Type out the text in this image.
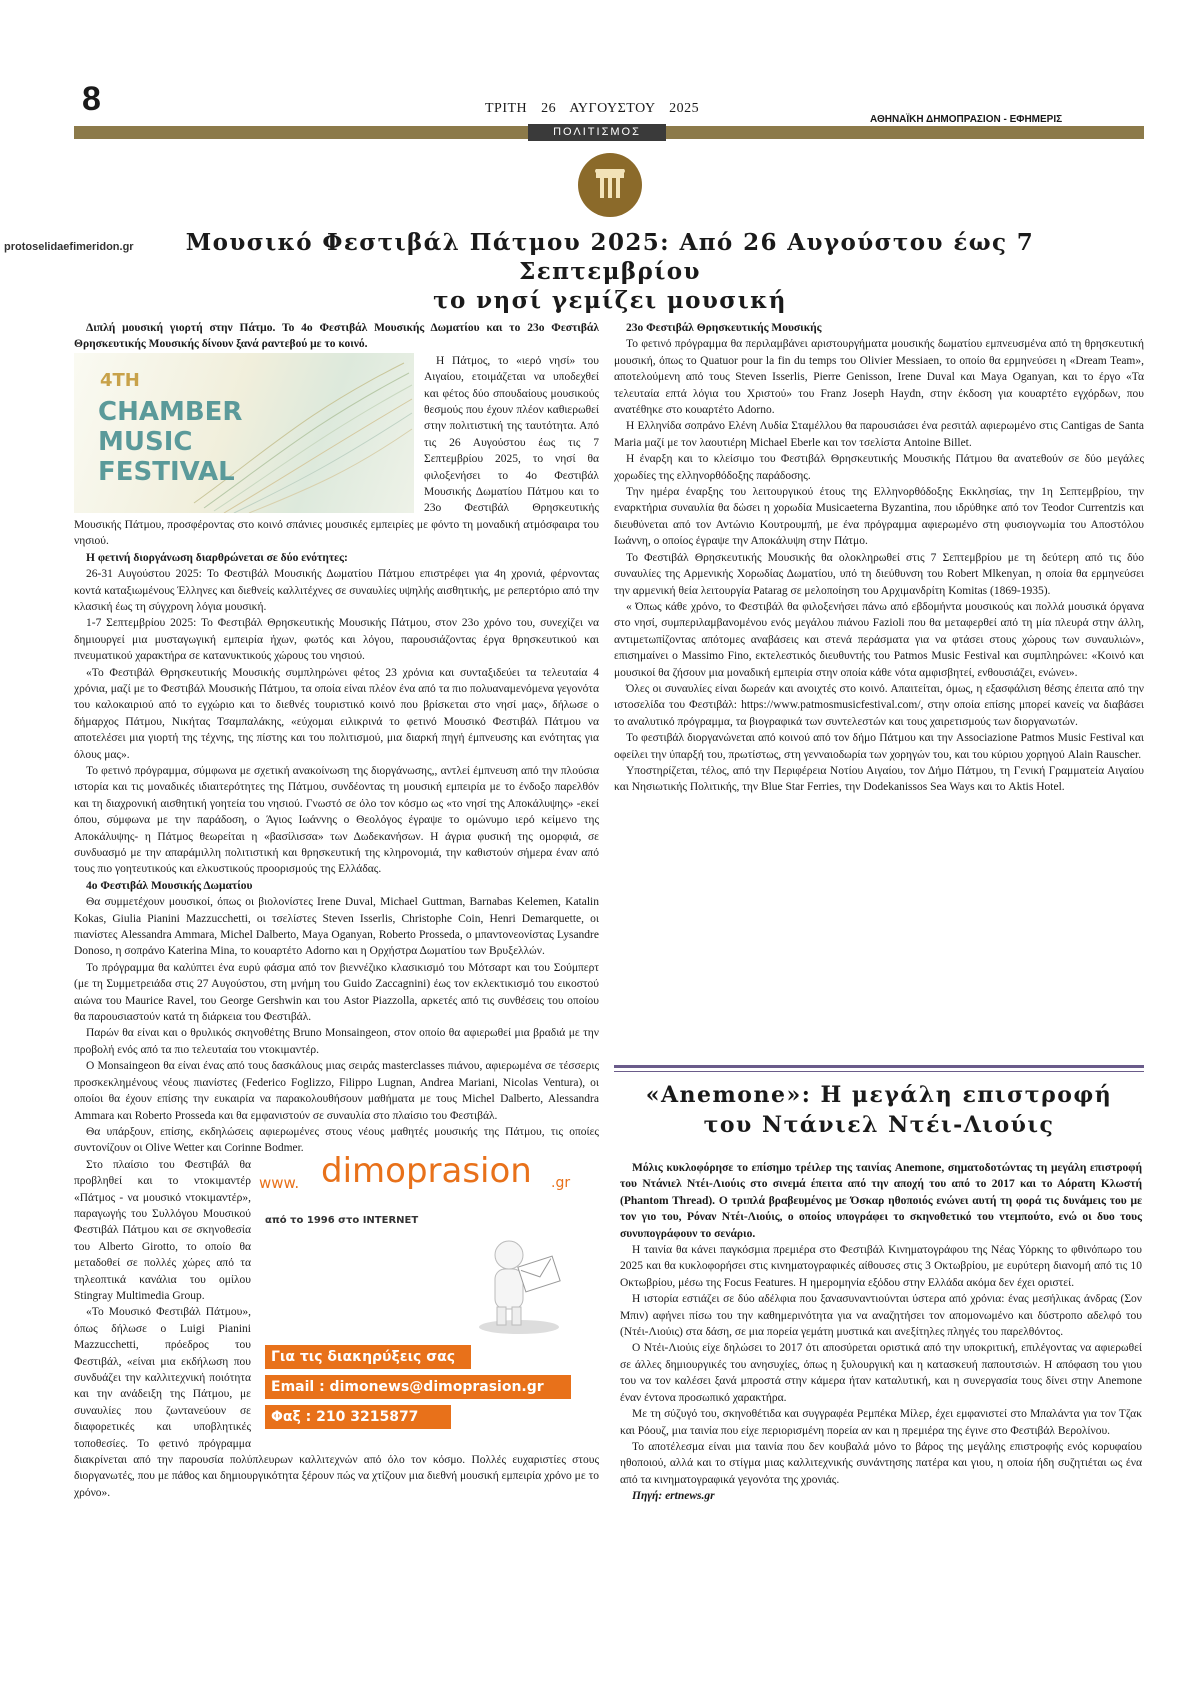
8	ΤΡΙΤΗ 26 ΑΥΓΟΥΣΤΟΥ 2025
ΑΘΗΝΑΪΚΗ ΔΗΜΟΠΡΑΣΙΟΝ - ΕΦΗΜΕΡΙΣ
ΠΟΛΙΤΙΣΜΟΣ
protoselidaefimeridon.gr	Μουσικό Φεστιβάλ Πάτμου 2025: Από 26 Αυγούστου έως 7 Σεπτεμβρίου
το νησί γεμίζει μουσική

Διπλή μουσική γιορτή στην Πάτμο. Το 4ο Φεστιβάλ Μουσικής Δωματίου και το 23ο Φεστιβάλ Θρησκευτικής Μουσικής δίνουν ξανά ραντεβού με το κοινό.

4TH
CHAMBER
MUSIC
FESTIVAL

Η Πάτμος, το «ιερό νησί» του Αιγαίου, ετοιμάζεται να υποδεχθεί και φέτος δύο σπουδαίους μουσικούς θεσμούς που έχουν πλέον καθιερωθεί στην πολιτιστική της ταυτότητα. Από τις 26 Αυγούστου έως τις 7 Σεπτεμβρίου 2025, το νησί θα φιλοξενήσει το 4ο Φεστιβάλ Μουσικής Δωματίου Πάτμου και το 23ο Φεστιβάλ Θρησκευτικής Μουσικής Πάτμου, προσφέροντας στο κοινό σπάνιες μουσικές εμπειρίες με φόντο τη μοναδική ατμόσφαιρα του νησιού.

Η φετινή διοργάνωση διαρθρώνεται σε δύο ενότητες:

26-31 Αυγούστου 2025: Το Φεστιβάλ Μουσικής Δωματίου Πάτμου επιστρέφει για 4η χρονιά, φέρνοντας κοντά καταξιωμένους Έλληνες και διεθνείς καλλιτέχνες σε συναυλίες υψηλής αισθητικής, με ρεπερτόριο από την κλασική έως τη σύγχρονη λόγια μουσική.

1-7 Σεπτεμβρίου 2025: Το Φεστιβάλ Θρησκευτικής Μουσικής Πάτμου, στον 23ο χρόνο του, συνεχίζει να δημιουργεί μια μυσταγωγική εμπειρία ήχων, φωτός και λόγου, παρουσιάζοντας έργα θρησκευτικού και πνευματικού χαρακτήρα σε κατανυκτικούς χώρους του νησιού.

«Το Φεστιβάλ Θρησκευτικής Μουσικής συμπληρώνει φέτος 23 χρόνια και συνταξιδεύει τα τελευταία 4 χρόνια, μαζί με το Φεστιβάλ Μουσικής Πάτμου, τα οποία είναι πλέον ένα από τα πιο πολυαναμενόμενα γεγονότα του καλοκαιριού από το εγχώριο και το διεθνές τουριστικό κοινό που βρίσκεται στο νησί μας», δήλωσε ο δήμαρχος Πάτμου, Νικήτας Τσαμπαλάκης, «εύχομαι ειλικρινά το φετινό Μουσικό Φεστιβάλ Πάτμου να αποτελέσει μια γιορτή της τέχνης, της πίστης και του πολιτισμού, μια διαρκή πηγή έμπνευσης και ενότητας για όλους μας».

Το φετινό πρόγραμμα, σύμφωνα με σχετική ανακοίνωση της διοργάνωσης,, αντλεί έμπνευση από την πλούσια ιστορία και τις μοναδικές ιδιαιτερότητες της Πάτμου, συνδέοντας τη μουσική εμπειρία με το ένδοξο παρελθόν και τη διαχρονική αισθητική γοητεία του νησιού. Γνωστό σε όλο τον κόσμο ως «το νησί της Αποκάλυψης» -εκεί όπου, σύμφωνα με την παράδοση, ο Άγιος Ιωάννης ο Θεολόγος έγραψε το ομώνυμο ιερό κείμενο της Αποκάλυψης- η Πάτμος θεωρείται η «βασίλισσα» των Δωδεκανήσων. Η άγρια φυσική της ομορφιά, σε συνδυασμό με την απαράμιλλη πολιτιστική και θρησκευτική της κληρονομιά, την καθιστούν σήμερα έναν από τους πιο γοητευτικούς και ελκυστικούς προορισμούς της Ελλάδας.

4ο Φεστιβάλ Μουσικής Δωματίου

Θα συμμετέχουν μουσικοί, όπως οι βιολονίστες Irene Duval, Michael Guttman, Barnabas Kelemen, Katalin Kokas, Giulia Pianini Mazzucchetti, οι τσελίστες Steven Isserlis, Christophe Coin, Henri Demarquette, οι πιανίστες Alessandra Ammara, Michel Dalberto, Maya Oganyan, Roberto Prosseda, ο μπαντονεονίστας Lysandre Donoso, η σοπράνο Katerina Mina, το κουαρτέτο Adorno και η Ορχήστρα Δωματίου των Βρυξελλών.

Το πρόγραμμα θα καλύπτει ένα ευρύ φάσμα από τον βιεννέζικο κλασικισμό του Μότσαρτ και του Σούμπερτ (με τη Συμμετρειάδα στις 27 Αυγούστου, στη μνήμη του Guido Zaccagnini) έως τον εκλεκτικισμό του εικοστού αιώνα του Maurice Ravel, του George Gershwin και του Astor Piazzolla, αρκετές από τις συνθέσεις του οποίου θα παρουσιαστούν κατά τη διάρκεια του Φεστιβάλ.

Παρών θα είναι και ο θρυλικός σκηνοθέτης Bruno Monsaingeon, στον οποίο θα αφιερωθεί μια βραδιά με την προβολή ενός από τα πιο τελευταία του ντοκιμαντέρ.

Ο Monsaingeon θα είναι ένας από τους δασκάλους μιας σειράς masterclasses πιάνου, αφιερωμένα σε τέσσερις προσκεκλημένους νέους πιανίστες (Federico Foglizzo, Filippo Lugnan, Andrea Mariani, Nicolas Ventura), οι οποίοι θα έχουν επίσης την ευκαιρία να παρακολουθήσουν μαθήματα με τους Michel Dalberto, Alessandra Ammara και Roberto Prosseda και θα εμφανιστούν σε συναυλία στο πλαίσιο του Φεστιβάλ.

Θα υπάρξουν, επίσης, εκδηλώσεις αφιερωμένες στους νέους μαθητές μουσικής της Πάτμου, τις οποίες συντονίζουν οι Olive Wetter και Corinne Bodmer.

www. dimoprasion .gr
από το 1996 στο INTERNET
Για τις διακηρύξεις σας
Email : dimonews@dimoprasion.gr
Φαξ : 210 3215877

Στο πλαίσιο του Φεστιβάλ θα προβληθεί και το ντοκιμαντέρ «Πάτμος - να μουσικό ντοκιμαντέρ», παραγωγής του Συλλόγου Μουσικού Φεστιβάλ Πάτμου και σε σκηνοθεσία του Alberto Girotto, το οποίο θα μεταδοθεί σε πολλές χώρες από τα τηλεοπτικά κανάλια του ομίλου Stingray Multimedia Group.

«Το Μουσικό Φεστιβάλ Πάτμου», όπως δήλωσε ο Luigi Pianini Mazzucchetti, πρόεδρος του Φεστιβάλ, «είναι μια εκδήλωση που συνδυάζει την καλλιτεχνική ποιότητα και την ανάδειξη της Πάτμου, με συναυλίες που ζωντανεύουν σε διαφορετικές και υποβλητικές τοποθεσίες. Το φετινό πρόγραμμα διακρίνεται από την παρουσία πολύπλευρων καλλιτεχνών από όλο τον κόσμο. Πολλές ευχαριστίες στους διοργανωτές, που με πάθος και δημιουργικότητα ξέρουν πώς να χτίζουν μια διεθνή μουσική εμπειρία χρόνο με το χρόνο».

23ο Φεστιβάλ Θρησκευτικής Μουσικής

Το φετινό πρόγραμμα θα περιλαμβάνει αριστουργήματα μουσικής δωματίου εμπνευσμένα από τη θρησκευτική μουσική, όπως το Quatuor pour la fin du temps του Olivier Messiaen, το οποίο θα ερμηνεύσει η «Dream Team», αποτελούμενη από τους Steven Isserlis, Pierre Genisson, Irene Duval και Maya Oganyan, και το έργο «Τα τελευταία επτά λόγια του Χριστού» του Franz Joseph Haydn, στην έκδοση για κουαρτέτο εγχόρδων, που ανατέθηκε στο κουαρτέτο Adorno.

Η Ελληνίδα σοπράνο Ελένη Λυδία Σταμέλλου θα παρουσιάσει ένα ρεσιτάλ αφιερωμένο στις Cantigas de Santa Maria μαζί με τον λαουτιέρη Michael Eberle και τον τσελίστα Antoine Billet.

Η έναρξη και το κλείσιμο του Φεστιβάλ Θρησκευτικής Μουσικής Πάτμου θα ανατεθούν σε δύο μεγάλες χορωδίες της ελληνορθόδοξης παράδοσης.

Την ημέρα έναρξης του λειτουργικού έτους της Ελληνορθόδοξης Εκκλησίας, την 1η Σεπτεμβρίου, την εναρκτήρια συναυλία θα δώσει η χορωδία Musicaeterna Byzantina, που ιδρύθηκε από τον Teodor Currentzis και διευθύνεται από τον Αντώνιο Κουτρουμπή, με ένα πρόγραμμα αφιερωμένο στη φυσιογνωμία του Αποστόλου Ιωάννη, ο οποίος έγραψε την Αποκάλυψη στην Πάτμο.

Το Φεστιβάλ Θρησκευτικής Μουσικής θα ολοκληρωθεί στις 7 Σεπτεμβρίου με τη δεύτερη από τις δύο συναυλίες της Αρμενικής Χορωδίας Δωματίου, υπό τη διεύθυνση του Robert Mlkenyan, η οποία θα ερμηνεύσει την αρμενική θεία λειτουργία Patarag σε μελοποίηση του Αρχιμανδρίτη Komitas (1869-1935).

« Όπως κάθε χρόνο, το Φεστιβάλ θα φιλοξενήσει πάνω από εβδομήντα μουσικούς και πολλά μουσικά όργανα στο νησί, συμπεριλαμβανομένου ενός μεγάλου πιάνου Fazioli που θα μεταφερθεί από τη μία πλευρά στην άλλη, αντιμετωπίζοντας απότομες αναβάσεις και στενά περάσματα για να φτάσει στους χώρους των συναυλιών», επισημαίνει ο Massimo Fino, εκτελεστικός διευθυντής του Patmos Music Festival και συμπληρώνει: «Κοινό και μουσικοί θα ζήσουν μια μοναδική εμπειρία στην οποία κάθε νότα αμφισβητεί, ενθουσιάζει, ενώνει».

Όλες οι συναυλίες είναι δωρεάν και ανοιχτές στο κοινό. Απαιτείται, όμως, η εξασφάλιση θέσης έπειτα από την ιστοσελίδα του Φεστιβάλ: https://www.patmosmusicfestival.com/, στην οποία επίσης μπορεί κανείς να διαβάσει το αναλυτικό πρόγραμμα, τα βιογραφικά των συντελεστών και τους χαιρετισμούς των διοργανωτών.

Το φεστιβάλ διοργανώνεται από κοινού από τον δήμο Πάτμου και την Associazione Patmos Music Festival και οφείλει την ύπαρξή του, πρωτίστως, στη γενναιοδωρία των χορηγών του, και του κύριου χορηγού Alain Rauscher.

Υποστηρίζεται, τέλος, από την Περιφέρεια Νοτίου Αιγαίου, τον Δήμο Πάτμου, τη Γενική Γραμματεία Αιγαίου και Νησιωτικής Πολιτικής, την Blue Star Ferries, την Dodekanissos Sea Ways και το Aktis Hotel.

«Anemone»: Η μεγάλη επιστροφή
του Ντάνιελ Ντέι-Λιούις

Μόλις κυκλοφόρησε το επίσημο τρέιλερ της ταινίας Anemone, σηματοδοτώντας τη μεγάλη επιστροφή του Ντάνιελ Ντέι-Λιούις στο σινεμά έπειτα από την αποχή του από το 2017 και το Αόρατη Κλωστή (Phantom Thread). Ο τριπλά βραβευμένος με Όσκαρ ηθοποιός ενώνει αυτή τη φορά τις δυνάμεις του με τον γιο του, Ρόναν Ντέι-Λιούις, ο οποίος υπογράφει το σκηνοθετικό του ντεμπούτο, ενώ οι δυο τους συνυπογράφουν το σενάριο.

Η ταινία θα κάνει παγκόσμια πρεμιέρα στο Φεστιβάλ Κινηματογράφου της Νέας Υόρκης το φθινόπωρο του 2025 και θα κυκλοφορήσει στις κινηματογραφικές αίθουσες στις 3 Οκτωβρίου, με ευρύτερη διανομή από τις 10 Οκτωβρίου, μέσω της Focus Features. Η ημερομηνία εξόδου στην Ελλάδα ακόμα δεν έχει οριστεί.

Η ιστορία εστιάζει σε δύο αδέλφια που ξανασυναντιούνται ύστερα από χρόνια: ένας μεσήλικας άνδρας (Σον Μπιν) αφήνει πίσω του την καθημερινότητα για να αναζητήσει τον απομονωμένο και δύστροπο αδελφό του (Ντέι-Λιούις) στα δάση, σε μια πορεία γεμάτη μυστικά και ανεξίτηλες πληγές του παρελθόντος.

Ο Ντέι-Λιούις είχε δηλώσει το 2017 ότι αποσύρεται οριστικά από την υποκριτική, επιλέγοντας να αφιερωθεί σε άλλες δημιουργικές του ανησυχίες, όπως η ξυλουργική και η κατασκευή παπουτσιών. Η απόφαση του γιου του να τον καλέσει ξανά μπροστά στην κάμερα ήταν καταλυτική, και η συνεργασία τους δίνει στην Anemone έναν έντονα προσωπικό χαρακτήρα.

Με τη σύζυγό του, σκηνοθέτιδα και συγγραφέα Ρεμπέκα Μίλερ, έχει εμφανιστεί στο Μπαλάντα για τον Τζακ και Ρόουζ, μια ταινία που είχε περιορισμένη πορεία αν και η πρεμιέρα της έγινε στο Φεστιβάλ Βερολίνου.

Το αποτέλεσμα είναι μια ταινία που δεν κουβαλά μόνο το βάρος της μεγάλης επιστροφής ενός κορυφαίου ηθοποιού, αλλά και το στίγμα μιας καλλιτεχνικής συνάντησης πατέρα και γιου, η οποία ήδη συζητιέται ως ένα από τα κινηματογραφικά γεγονότα της χρονιάς.

Πηγή: ertnews.gr
